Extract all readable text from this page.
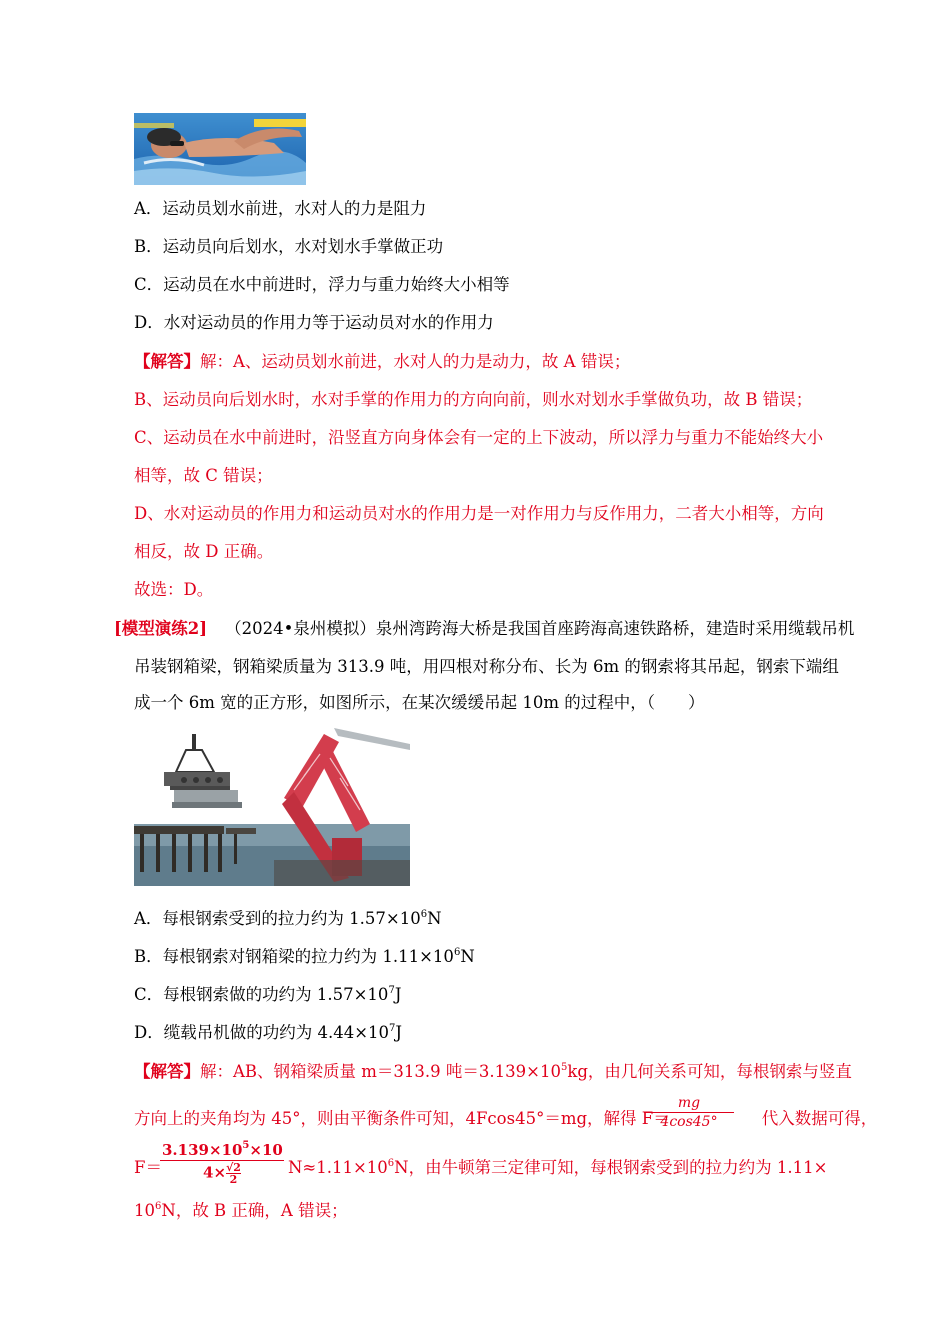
A．运动员划水前进，水对人的力是阻力
B．运动员向后划水，水对划水手掌做正功
C．运动员在水中前进时，浮力与重力始终大小相等
D．水对运动员的作用力等于运动员对水的作用力
【解答】解：A、运动员划水前进，水对人的力是动力，故 A 错误；
B、运动员向后划水时，水对手掌的作用力的方向向前，则水对划水手掌做负功，故 B 错误；
C、运动员在水中前进时，沿竖直方向身体会有一定的上下波动，所以浮力与重力不能始终大小
相等，故 C 错误；
D、水对运动员的作用力和运动员对水的作用力是一对作用力与反作用力，二者大小相等，方向
相反，故 D 正确。
故选：D。
[模型演练2] （2024•泉州模拟）泉州湾跨海大桥是我国首座跨海高速铁路桥，建造时采用缆载吊机
吊装钢箱梁，钢箱梁质量为 313.9 吨，用四根对称分布、长为 6m 的钢索将其吊起，钢索下端组
成一个 6m 宽的正方形，如图所示，在某次缓缓吊起 10m 的过程中，（　　）
A．每根钢索受到的拉力约为 $1.57\times 10^6N$
B．每根钢索对钢箱梁的拉力约为 $1.11\times 10^6N$
C．每根钢索做的功约为 $1.57\times 10^7J$
D．缆载吊机做的功约为 $4.44\times 10^7J$
【解答】解：AB、钢箱梁质量 m＝313.9 吨$=3.139\times 10^5kg$，由几何关系可知，每根钢索与竖直
方向上的夹角均为 45°，则由平衡条件可知，4Fcos45°＝mg，解得 F＝	代入数据可得，
$\frac{mg}{4\cos 45^\circ}$
F＝	$N\approx 1.11\times 10^6N$，由牛顿第三定律可知，每根钢索受到的拉力约为 1.11×
$\frac{3.139\times 10^5\times 10}{4\times \frac{√2}{2}}$
$10^6N$，故 B 正确，A 错误；
